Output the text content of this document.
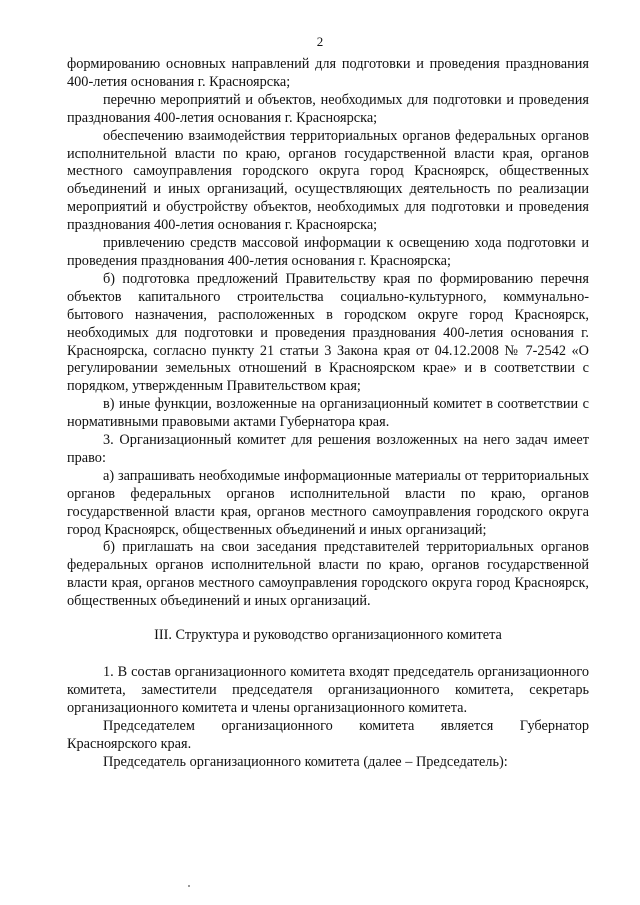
2

формированию основных направлений для подготовки и проведения празднования 400-летия основания г. Красноярска;

перечню мероприятий и объектов, необходимых для подготовки и проведения празднования 400-летия основания г. Красноярска;

обеспечению взаимодействия территориальных органов федеральных органов исполнительной власти по краю, органов государственной власти края, органов местного самоуправления городского округа город Красноярск, общественных объединений и иных организаций, осуществляющих деятельность по реализации мероприятий и обустройству объектов, необходимых для подготовки и проведения празднования 400-летия основания г. Красноярска;

привлечению средств массовой информации к освещению хода подготовки и проведения празднования 400-летия основания г. Красноярска;

б) подготовка предложений Правительству края по формированию перечня объектов капитального строительства социально-культурного, коммунально-бытового назначения, расположенных в городском округе город Красноярск, необходимых для подготовки и проведения празднования 400-летия основания г. Красноярска, согласно пункту 21 статьи 3 Закона края от 04.12.2008 № 7-2542 «О регулировании земельных отношений в Красноярском крае» и в соответствии с порядком, утвержденным Правительством края;

в) иные функции, возложенные на организационный комитет в соответствии с нормативными правовыми актами Губернатора края.

3. Организационный комитет для решения возложенных на него задач имеет право:

а) запрашивать необходимые информационные материалы от территориальных органов федеральных органов исполнительной власти по краю, органов государственной власти края, органов местного самоуправления городского округа город Красноярск, общественных объединений и иных организаций;

б) приглашать на свои заседания представителей территориальных органов федеральных органов исполнительной власти по краю, органов государственной власти края, органов местного самоуправления городского округа город Красноярск, общественных объединений и иных организаций.

III. Структура и руководство организационного комитета

1. В состав организационного комитета входят председатель организационного комитета, заместители председателя организационного комитета, секретарь организационного комитета и члены организационного комитета.

Председателем организационного комитета является Губернатор Красноярского края.

Председатель организационного комитета (далее – Председатель):
